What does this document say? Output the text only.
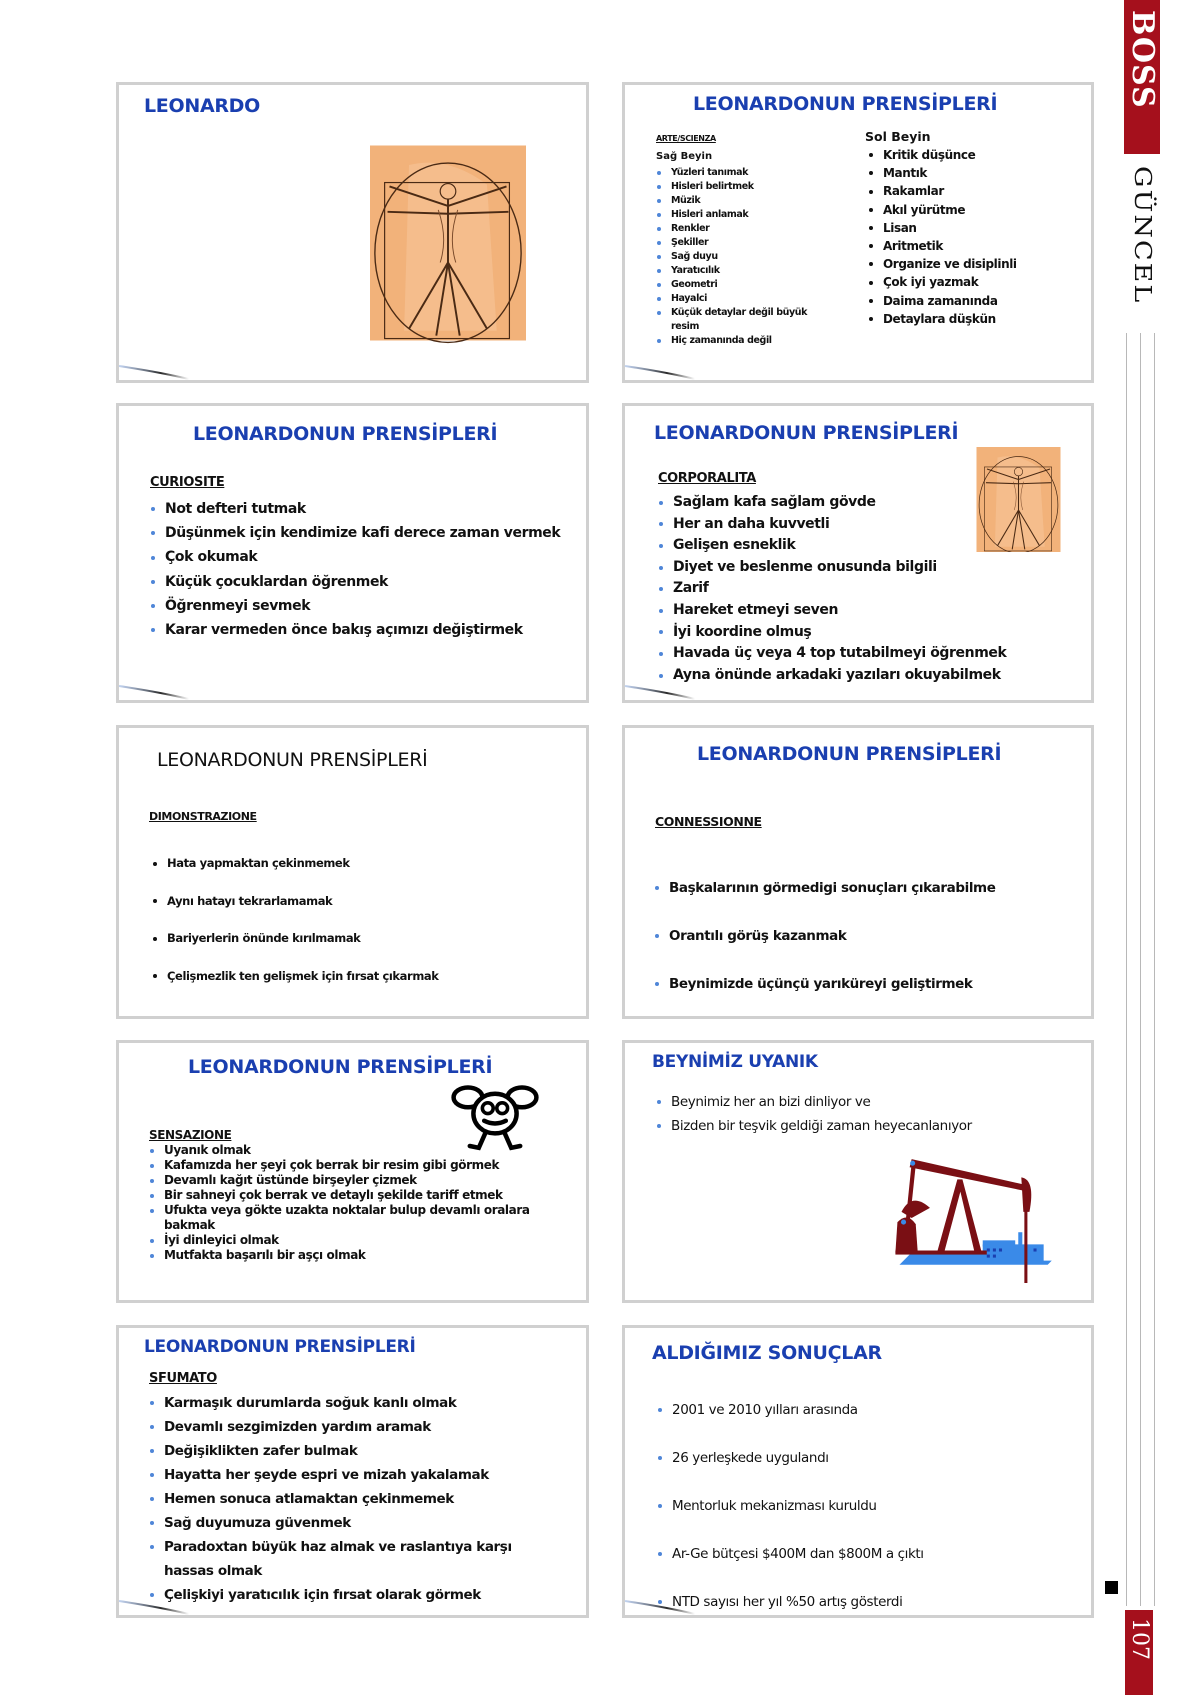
LEONARDO	LEONARDONUN PRENSİPLERİ
ARTE/SCIENZA
Sağ Beyin
Yüzleri tanımak
Hisleri belirtmek
Müzik
Hisleri anlamak
Renkler
Şekiller
Sağ duyu
Yaratıcılık
Geometri
Hayalci
Küçük detaylar değil büyük resim
Hiç zamanında değil
Sol Beyin
Kritik düşünce
Mantık
Rakamlar
Akıl yürütme
Lisan
Aritmetik
Organize ve disiplinli
Çok iyi yazmak
Daima zamanında
Detaylara düşkün
LEONARDONUN PRENSİPLERİ
CURIOSITE
Not defteri tutmak
Düşünmek için kendimize kafi derece zaman vermek
Çok okumak
Küçük çocuklardan öğrenmek
Öğrenmeyi sevmek
Karar vermeden önce bakış açımızı değiştirmek
LEONARDONUN PRENSİPLERİ
CORPORALITA
Sağlam kafa sağlam gövde
Her an daha kuvvetli
Gelişen esneklik
Diyet ve beslenme onusunda bilgili
Zarif
Hareket etmeyi seven
İyi koordine olmuş
Havada üç veya 4 top tutabilmeyi öğrenmek
Ayna önünde arkadaki yazıları okuyabilmek
LEONARDONUN PRENSİPLERİ
DIMONSTRAZIONE
Hata yapmaktan çekinmemek
Aynı hatayı tekrarlamamak
Bariyerlerin önünde kırılmamak
Çelişmezlik ten gelişmek için fırsat çıkarmak
LEONARDONUN PRENSİPLERİ
CONNESSIONNE
Başkalarının görmedigi sonuçları çıkarabilme
Orantılı görüş kazanmak
Beynimizde üçünçü yarıküreyi geliştirmek
LEONARDONUN PRENSİPLERİ
SENSAZIONE
Uyanık olmak
Kafamızda her şeyi çok berrak bir resim gibi görmek
Devamlı kağıt üstünde birşeyler çizmek
Bir sahneyi çok berrak ve detaylı şekilde tariff etmek
Ufukta veya gökte uzakta noktalar bulup devamlı oralara bakmak
İyi dinleyici olmak
Mutfakta başarılı bir aşçı olmak
BEYNİMİZ UYANIK
Beynimiz her an bizi dinliyor ve
Bizden bir teşvik geldiği zaman heyecanlanıyor
LEONARDONUN PRENSİPLERİ
SFUMATO
Karmaşık durumlarda soğuk kanlı olmak
Devamlı sezgimizden yardım aramak
Değişiklikten zafer bulmak
Hayatta her şeyde espri ve mizah yakalamak
Hemen sonuca atlamaktan çekinmemek
Sağ duyumuza güvenmek
Paradoxtan büyük haz almak ve raslantıya karşı hassas olmak
Çelişkiyi yaratıcılık için fırsat olarak görmek
ALDIĞIMIZ SONUÇLAR
2001 ve 2010 yılları arasında
26 yerleşkede uygulandı
Mentorluk mekanizması kuruldu
Ar-Ge bütçesi $400M dan $800M a çıktı
NTD sayısı her yıl %50 artış gösterdi
BOSS
GÜNCEL
107
